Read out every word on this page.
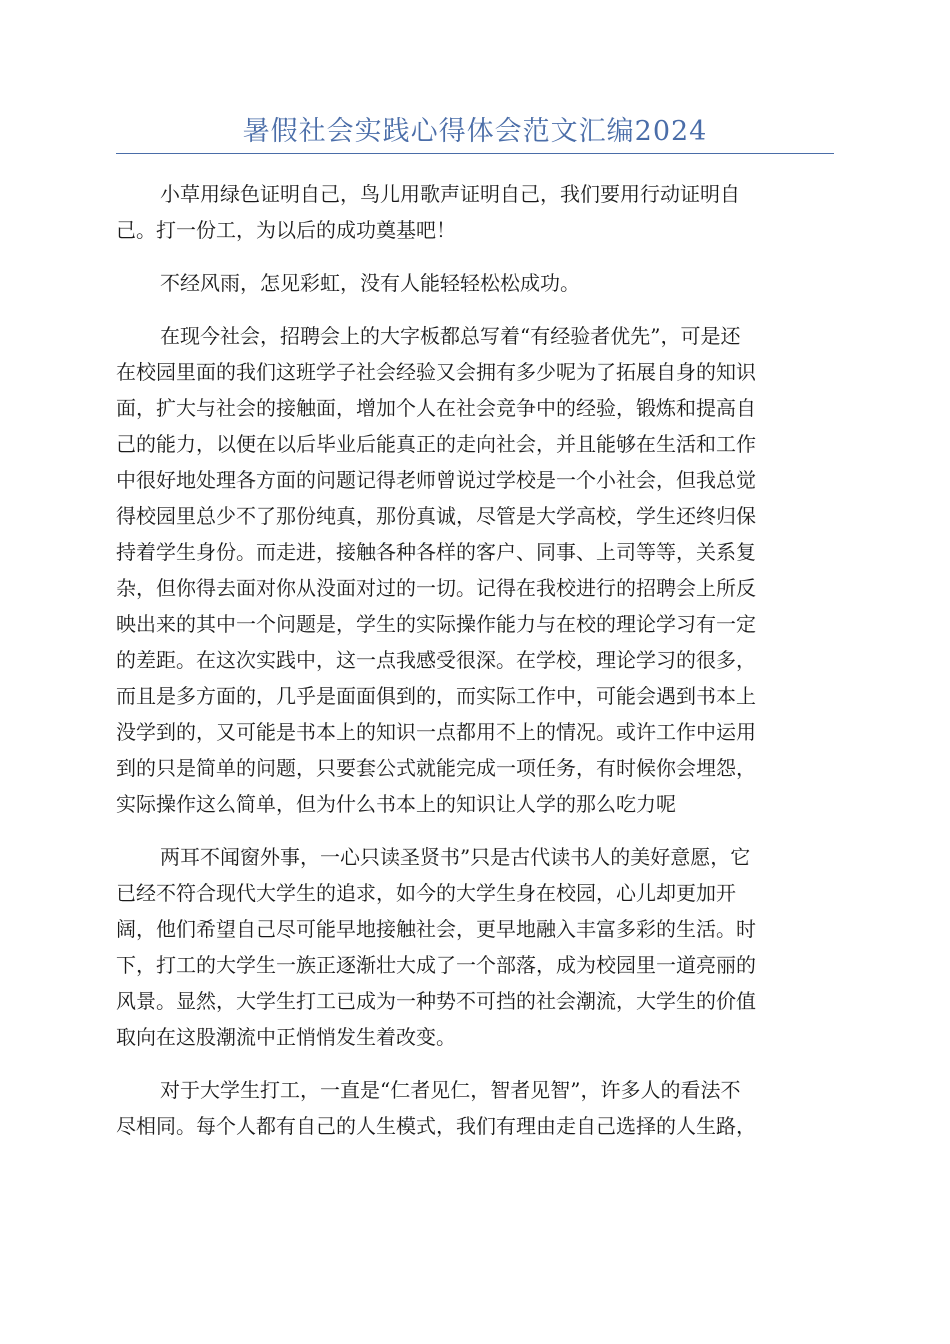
暑假社会实践心得体会范文汇编2024

小草用绿色证明自己，鸟儿用歌声证明自己，我们要用行动证明自
己。打一份工，为以后的成功奠基吧！

不经风雨，怎见彩虹，没有人能轻轻松松成功。

在现今社会，招聘会上的大字板都总写着“有经验者优先”，可是还
在校园里面的我们这班学子社会经验又会拥有多少呢为了拓展自身的知识
面，扩大与社会的接触面，增加个人在社会竞争中的经验，锻炼和提高自
己的能力，以便在以后毕业后能真正的走向社会，并且能够在生活和工作
中很好地处理各方面的问题记得老师曾说过学校是一个小社会，但我总觉
得校园里总少不了那份纯真，那份真诚，尽管是大学高校，学生还终归保
持着学生身份。而走进，接触各种各样的客户、同事、上司等等，关系复
杂，但你得去面对你从没面对过的一切。记得在我校进行的招聘会上所反
映出来的其中一个问题是，学生的实际操作能力与在校的理论学习有一定
的差距。在这次实践中，这一点我感受很深。在学校，理论学习的很多，
而且是多方面的，几乎是面面俱到的，而实际工作中，可能会遇到书本上
没学到的，又可能是书本上的知识一点都用不上的情况。或许工作中运用
到的只是简单的问题，只要套公式就能完成一项任务，有时候你会埋怨，
实际操作这么简单，但为什么书本上的知识让人学的那么吃力呢

两耳不闻窗外事，一心只读圣贤书”只是古代读书人的美好意愿，它
已经不符合现代大学生的追求，如今的大学生身在校园，心儿却更加开
阔，他们希望自己尽可能早地接触社会，更早地融入丰富多彩的生活。时
下，打工的大学生一族正逐渐壮大成了一个部落，成为校园里一道亮丽的
风景。显然，大学生打工已成为一种势不可挡的社会潮流，大学生的价值
取向在这股潮流中正悄悄发生着改变。

对于大学生打工，一直是“仁者见仁，智者见智”，许多人的看法不
尽相同。每个人都有自己的人生模式，我们有理由走自己选择的人生路，
